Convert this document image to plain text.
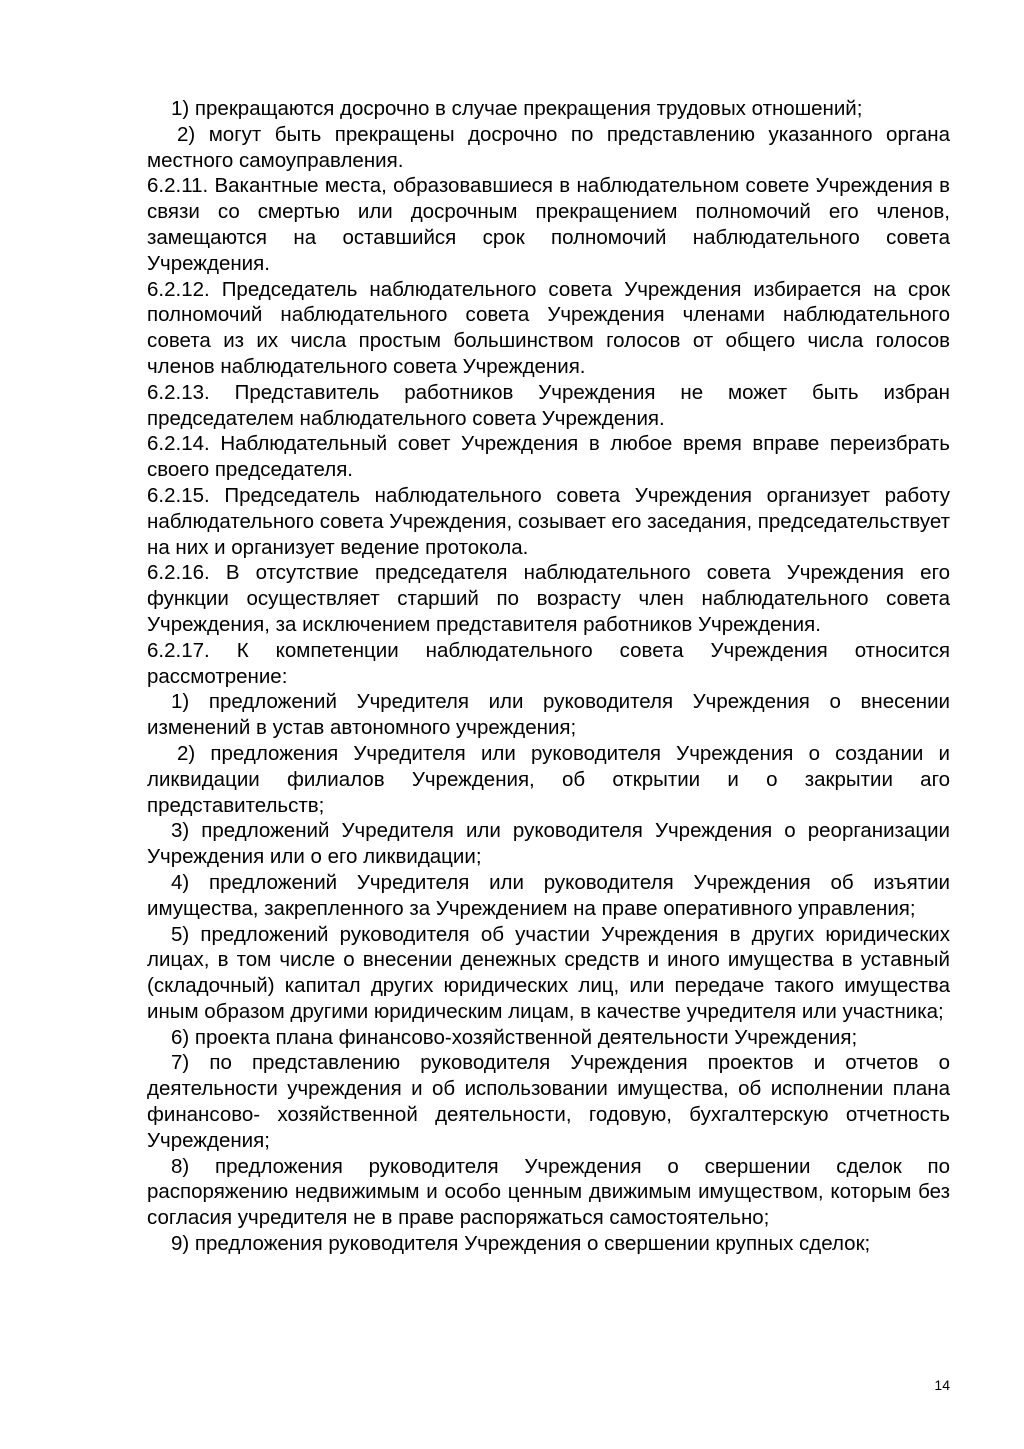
1) прекращаются досрочно в случае прекращения трудовых отношений;

2) могут быть прекращены досрочно по представлению указанного органа местного самоуправления.

6.2.11. Вакантные места, образовавшиеся в наблюдательном совете Учреждения в связи со смертью или досрочным прекращением полномочий его членов, замещаются на оставшийся срок полномочий наблюдательного совета Учреждения.

6.2.12. Председатель наблюдательного совета Учреждения избирается на срок полномочий наблюдательного совета Учреждения членами наблюдательного совета из их числа простым большинством голосов от общего числа голосов членов наблюдательного совета Учреждения.

6.2.13. Представитель работников Учреждения не может быть избран председателем наблюдательного совета Учреждения.

6.2.14. Наблюдательный совет Учреждения в любое время вправе переизбрать своего председателя.

6.2.15. Председатель наблюдательного совета Учреждения организует работу наблюдательного совета Учреждения, созывает его заседания, председательствует на них и организует ведение протокола.

6.2.16. В отсутствие председателя наблюдательного совета Учреждения его функции осуществляет старший по возрасту член наблюдательного совета Учреждения, за исключением представителя работников Учреждения.

6.2.17. К компетенции наблюдательного совета Учреждения относится рассмотрение:

1) предложений Учредителя или руководителя Учреждения о внесении изменений в устав автономного учреждения;

2) предложения Учредителя или руководителя Учреждения о создании и ликвидации филиалов Учреждения, об открытии и о закрытии аго представительств;

3) предложений Учредителя или руководителя Учреждения о реорганизации Учреждения или о его ликвидации;

4) предложений Учредителя или руководителя Учреждения об изъятии имущества, закрепленного за Учреждением на праве оперативного управления;

5) предложений руководителя об участии Учреждения в других юридических лицах, в том числе о внесении денежных средств и иного имущества в уставный (складочный) капитал других юридических лиц, или передаче такого имущества иным образом другими юридическим лицам, в качестве учредителя или участника;

6) проекта плана финансово-хозяйственной деятельности Учреждения;

7) по представлению руководителя Учреждения проектов и отчетов о деятельности учреждения и об использовании имущества, об исполнении плана финансово- хозяйственной деятельности, годовую, бухгалтерскую отчетность Учреждения;

8) предложения руководителя Учреждения о свершении сделок по распоряжению недвижимым и особо ценным движимым имуществом, которым без согласия учредителя не в праве распоряжаться самостоятельно;

9) предложения руководителя Учреждения о свершении крупных сделок;

14
